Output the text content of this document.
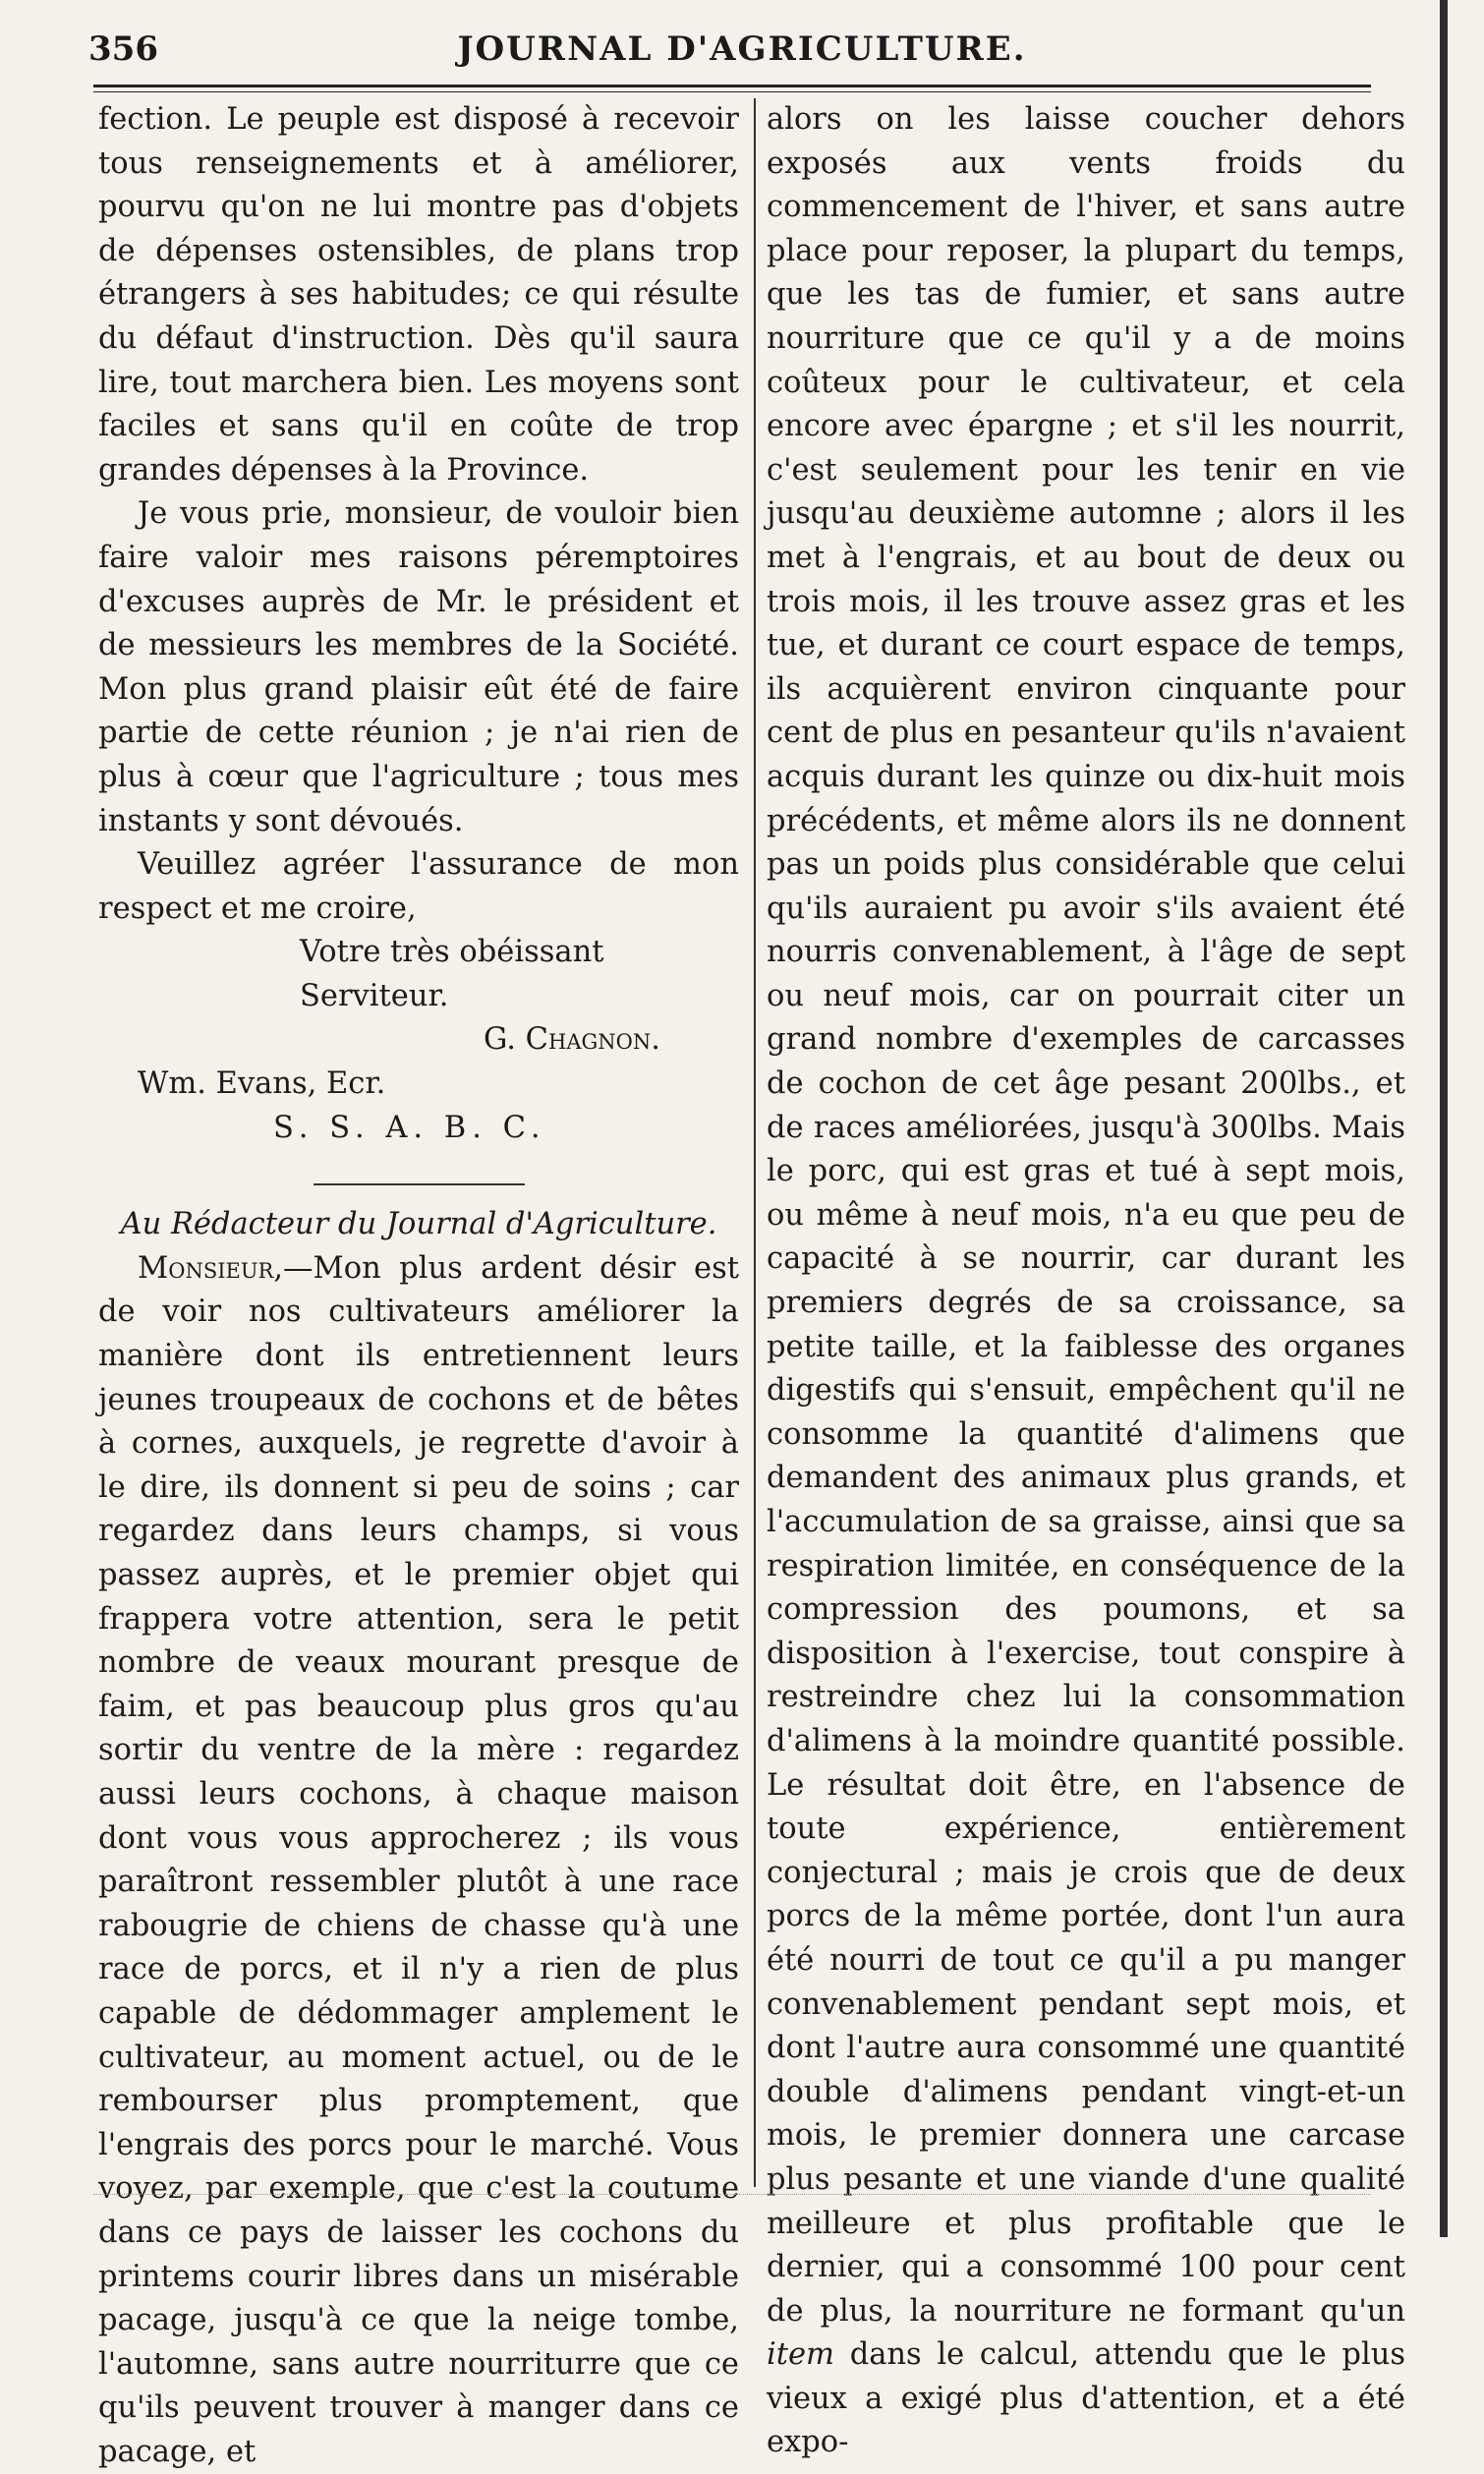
356	JOURNAL D'AGRICULTURE.

fection. Le peuple est disposé à recevoir tous renseignements et à améliorer, pourvu qu'on ne lui montre pas d'objets de dépenses ostensibles, de plans trop étrangers à ses habitudes; ce qui résulte du défaut d'instruction. Dès qu'il saura lire, tout marchera bien. Les moyens sont faciles et sans qu'il en coûte de trop grandes dépenses à la Province.

Je vous prie, monsieur, de vouloir bien faire valoir mes raisons péremptoires d'excuses auprès de Mr. le président et de messieurs les membres de la Société. Mon plus grand plaisir eût été de faire partie de cette réunion ; je n'ai rien de plus à cœur que l'agriculture ; tous mes instants y sont dévoués.

Veuillez agréer l'assurance de mon respect et me croire,

Votre très obéissant Serviteur.

G. Chagnon.

Wm. Evans, Ecr.

S. S. A. B. C.

Au Rédacteur du Journal d'Agriculture.

Monsieur,—Mon plus ardent désir est de voir nos cultivateurs améliorer la manière dont ils entretiennent leurs jeunes troupeaux de cochons et de bêtes à cornes, auxquels, je regrette d'avoir à le dire, ils donnent si peu de soins ; car regardez dans leurs champs, si vous passez auprès, et le premier objet qui frappera votre attention, sera le petit nombre de veaux mourant presque de faim, et pas beaucoup plus gros qu'au sortir du ventre de la mère : regardez aussi leurs cochons, à chaque maison dont vous vous approcherez ; ils vous paraîtront ressembler plutôt à une race rabougrie de chiens de chasse qu'à une race de porcs, et il n'y a rien de plus capable de dédommager amplement le cultivateur, au moment actuel, ou de le rembourser plus promptement, que l'engrais des porcs pour le marché. Vous voyez, par exemple, que c'est la coutume dans ce pays de laisser les cochons du printems courir libres dans un misérable pacage, jusqu'à ce que la neige tombe, l'automne, sans autre nourriturre que ce qu'ils peuvent trouver à manger dans ce pacage, et

alors on les laisse coucher dehors exposés aux vents froids du commencement de l'hiver, et sans autre place pour reposer, la plupart du temps, que les tas de fumier, et sans autre nourriture que ce qu'il y a de moins coûteux pour le cultivateur, et cela encore avec épargne ; et s'il les nourrit, c'est seulement pour les tenir en vie jusqu'au deuxième automne ; alors il les met à l'engrais, et au bout de deux ou trois mois, il les trouve assez gras et les tue, et durant ce court espace de temps, ils acquièrent environ cinquante pour cent de plus en pesanteur qu'ils n'avaient acquis durant les quinze ou dix-huit mois précédents, et même alors ils ne donnent pas un poids plus considérable que celui qu'ils auraient pu avoir s'ils avaient été nourris convenablement, à l'âge de sept ou neuf mois, car on pourrait citer un grand nombre d'exemples de carcasses de cochon de cet âge pesant 200lbs., et de races améliorées, jusqu'à 300lbs. Mais le porc, qui est gras et tué à sept mois, ou même à neuf mois, n'a eu que peu de capacité à se nourrir, car durant les premiers degrés de sa croissance, sa petite taille, et la faiblesse des organes digestifs qui s'ensuit, empêchent qu'il ne consomme la quantité d'alimens que demandent des animaux plus grands, et l'accumulation de sa graisse, ainsi que sa respiration limitée, en conséquence de la compression des poumons, et sa disposition à l'exercise, tout conspire à restreindre chez lui la consommation d'alimens à la moindre quantité possible. Le résultat doit être, en l'absence de toute expérience, entièrement conjectural ; mais je crois que de deux porcs de la même portée, dont l'un aura été nourri de tout ce qu'il a pu manger convenablement pendant sept mois, et dont l'autre aura consommé une quantité double d'alimens pendant vingt-et-un mois, le premier donnera une carcase plus pesante et une viande d'une qualité meilleure et plus profitable que le dernier, qui a consommé 100 pour cent de plus, la nourriture ne formant qu'un item dans le calcul, attendu que le plus vieux a exigé plus d'attention, et a été expo-
